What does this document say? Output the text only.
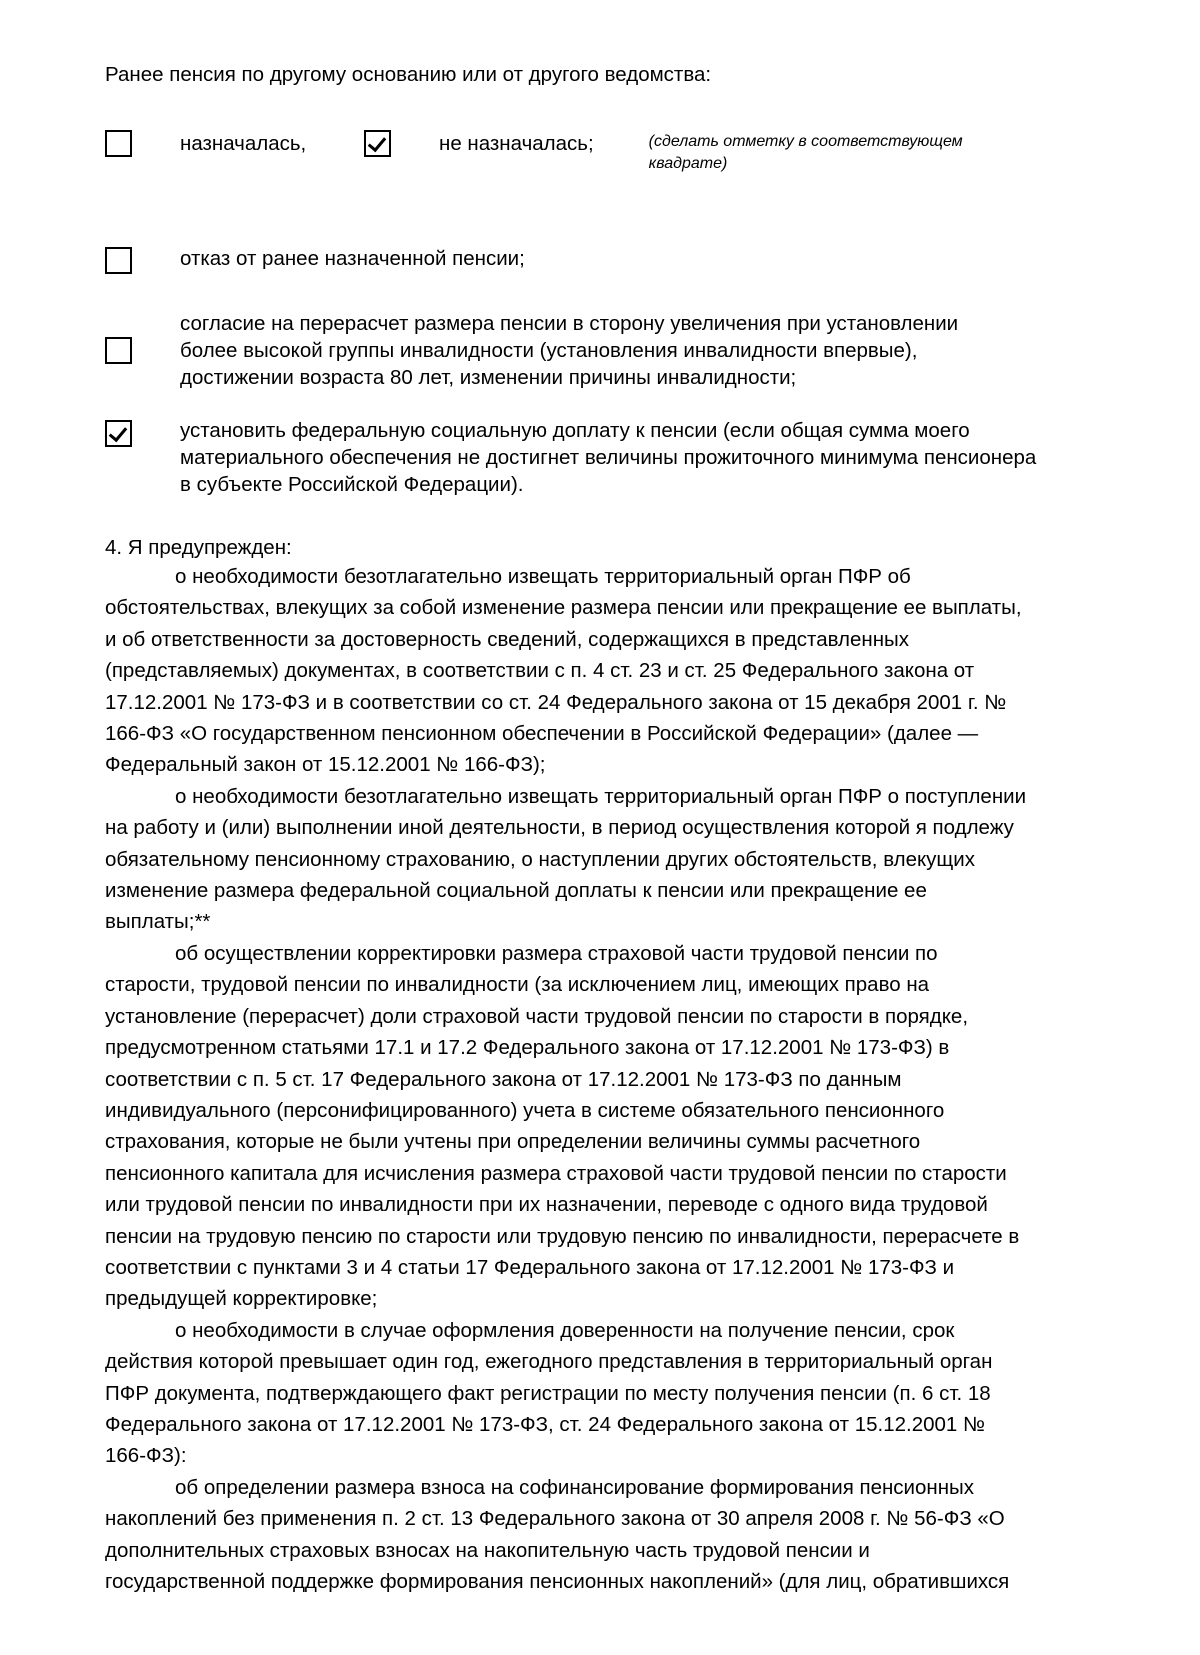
Ранее пенсия по другому основанию или от другого ведомства:

назначалась,	не назначалась;	(сделать отметку в соответствующем квадрате)
отказ от ранее назначенной пенсии;
согласие на перерасчет размера пенсии в сторону увеличения при установлении более высокой группы инвалидности (установления инвалидности впервые), достижении возраста 80 лет, изменении причины инвалидности;
установить федеральную социальную доплату к пенсии (если общая сумма моего материального обеспечения не достигнет величины прожиточного минимума пенсионера в субъекте Российской Федерации).

4. Я предупрежден:

о необходимости безотлагательно извещать территориальный орган ПФР об обстоятельствах, влекущих за собой изменение размера пенсии или прекращение ее выплаты, и об ответственности за достоверность сведений, содержащихся в представленных (представляемых) документах, в соответствии с п. 4 ст. 23 и ст. 25 Федерального закона от 17.12.2001 № 173-ФЗ и в соответствии со ст. 24 Федерального закона от 15 декабря 2001 г. № 166-ФЗ «О государственном пенсионном обеспечении в Российской Федерации» (далее — Федеральный закон от 15.12.2001 № 166-ФЗ);

о необходимости безотлагательно извещать территориальный орган ПФР о поступлении на работу и (или) выполнении иной деятельности, в период осуществления которой я подлежу обязательному пенсионному страхованию, о наступлении других обстоятельств, влекущих изменение размера федеральной социальной доплаты к пенсии или прекращение ее выплаты;**

об осуществлении корректировки размера страховой части трудовой пенсии по старости, трудовой пенсии по инвалидности (за исключением лиц, имеющих право на установление (перерасчет) доли страховой части трудовой пенсии по старости в порядке, предусмотренном статьями 17.1 и 17.2 Федерального закона от 17.12.2001 № 173-ФЗ) в соответствии с п. 5 ст. 17 Федерального закона от 17.12.2001 № 173-ФЗ по данным индивидуального (персонифицированного) учета в системе обязательного пенсионного страхования, которые не были учтены при определении величины суммы расчетного пенсионного капитала для исчисления размера страховой части трудовой пенсии по старости или трудовой пенсии по инвалидности при их назначении, переводе с одного вида трудовой пенсии на трудовую пенсию по старости или трудовую пенсию по инвалидности, перерасчете в соответствии с пунктами 3 и 4 статьи 17 Федерального закона от 17.12.2001 № 173-ФЗ и предыдущей корректировке;

о необходимости в случае оформления доверенности на получение пенсии, срок действия которой превышает один год, ежегодного представления в территориальный орган ПФР документа, подтверждающего факт регистрации по месту получения пенсии (п. 6 ст. 18 Федерального закона от 17.12.2001 № 173-ФЗ, ст. 24 Федерального закона от 15.12.2001 № 166-ФЗ):

об определении размера взноса на софинансирование формирования пенсионных накоплений без применения п. 2 ст. 13 Федерального закона от 30 апреля 2008 г. № 56-ФЗ «О дополнительных страховых взносах на накопительную часть трудовой пенсии и государственной поддержке формирования пенсионных накоплений» (для лиц, обратившихся
